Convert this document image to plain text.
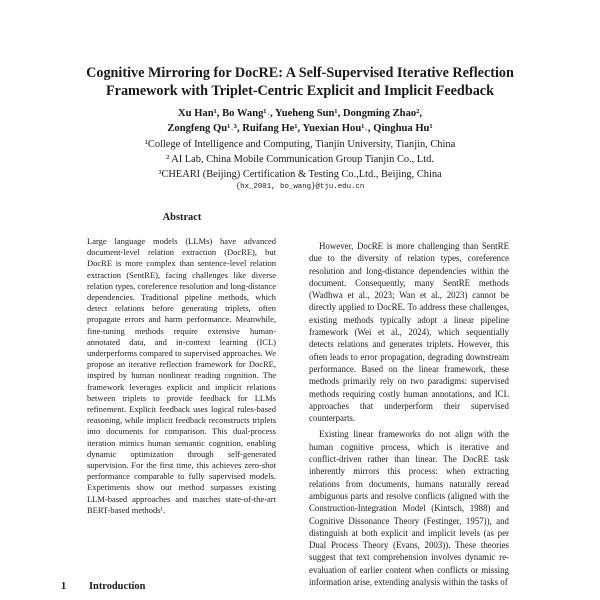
Cognitive Mirroring for DocRE: A Self-Supervised Iterative Reflection
Framework with Triplet-Centric Explicit and Implicit Feedback
Xu Han¹, Bo Wang¹˒, Yueheng Sun¹, Dongming Zhao²,
Zongfeng Qu¹˒³, Ruifang He¹, Yuexian Hou¹˒, Qinghua Hu¹
¹College of Intelligence and Computing, Tianjin University, Tianjin, China
² AI Lab, China Mobile Communication Group Tianjin Co., Ltd.
³CHEARI (Beijing) Certification & Testing Co.,Ltd., Beijing, China
{hx_2001, bo_wang}@tju.edu.cn
Abstract
Large language models (LLMs) have advanced document-level relation extraction (DocRE), but DocRE is more complex than sentence-level relation extraction (SentRE), facing challenges like diverse relation types, coreference resolution and long-distance dependencies. Traditional pipeline methods, which detect relations before generating triplets, often propagate errors and harm performance. Meanwhile, fine-tuning methods require extensive human-annotated data, and in-context learning (ICL) underperforms compared to supervised approaches. We propose an iterative reflection framework for DocRE, inspired by human nonlinear reading cognition. The framework leverages explicit and implicit relations between triplets to provide feedback for LLMs refinement. Explicit feedback uses logical rules-based reasoning, while implicit feedback reconstructs triplets into documents for comparison. This dual-process iteration mimics human semantic cognition, enabling dynamic optimization through self-generated supervision. For the first time, this achieves zero-shot performance comparable to fully supervised models. Experiments show our method surpasses existing LLM-based approaches and matches state-of-the-art BERT-based methods¹.
1 Introduction

However, DocRE is more challenging than SentRE due to the diversity of relation types, coreference resolution and long-distance dependencies within the document. Consequently, many SentRE methods (Wadhwa et al., 2023; Wan et al., 2023) cannot be directly applied to DocRE. To address these challenges, existing methods typically adopt a linear pipeline framework (Wei et al., 2024), which sequentially detects relations and generates triplets. However, this often leads to error propagation, degrading downstream performance. Based on the linear framework, these methods primarily rely on two paradigms: supervised methods requiring costly human annotations, and ICL approaches that underperform their supervised counterparts.

Existing linear frameworks do not align with the human cognitive process, which is iterative and conflict-driven rather than linear. The DocRE task inherently mirrors this process: when extracting relations from documents, humans naturally reread ambiguous parts and resolve conflicts (aligned with the Construction-Integration Model (Kintsch, 1988) and Cognitive Dissonance Theory (Festinger, 1957)), and distinguish at both explicit and implicit levels (as per Dual Process Theory (Evans, 2003)). These theories suggest that text comprehension involves dynamic re-evaluation of earlier content when conflicts or missing information arise, extending analysis within the tasks of
